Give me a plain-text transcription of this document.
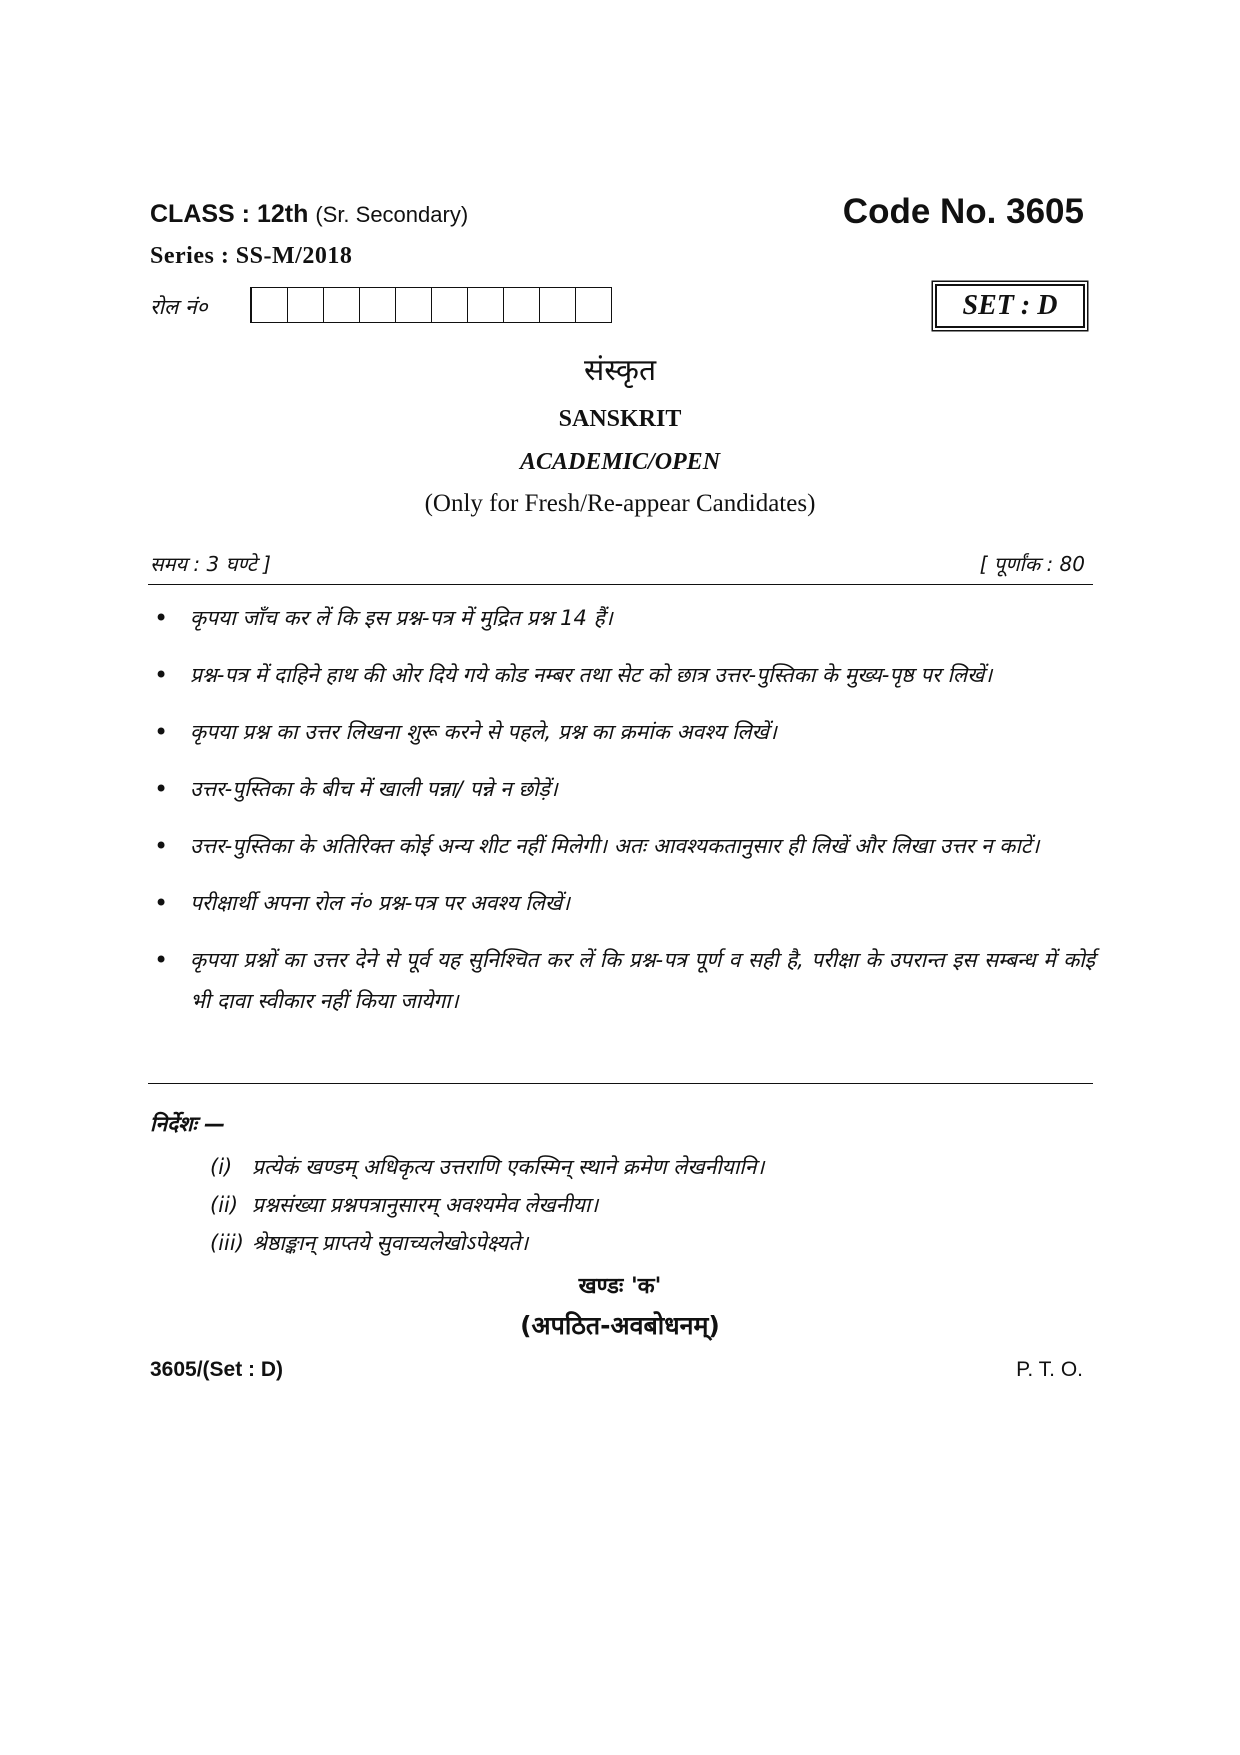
CLASS : 12th (Sr. Secondary)	Code No. 3605
Series : SS-M/2018
रोल नं०	SET : D
संस्कृत
SANSKRIT
ACADEMIC/OPEN
(Only for Fresh/Re-appear Candidates)
समय : 3 घण्टे ]	[ पूर्णांक : 80
• कृपया जाँच कर लें कि इस प्रश्न-पत्र में मुद्रित प्रश्न 14 हैं।
• प्रश्न-पत्र में दाहिने हाथ की ओर दिये गये कोड नम्बर तथा सेट को छात्र उत्तर-पुस्तिका के मुख्य-पृष्ठ पर लिखें।
• कृपया प्रश्न का उत्तर लिखना शुरू करने से पहले, प्रश्न का क्रमांक अवश्य लिखें।
• उत्तर-पुस्तिका के बीच में खाली पन्ना/ पन्ने न छोड़ें।
• उत्तर-पुस्तिका के अतिरिक्त कोई अन्य शीट नहीं मिलेगी। अतः आवश्यकतानुसार ही लिखें और लिखा उत्तर न काटें।
• परीक्षार्थी अपना रोल नं० प्रश्न-पत्र पर अवश्य लिखें।
• कृपया प्रश्नों का उत्तर देने से पूर्व यह सुनिश्चित कर लें कि प्रश्न-पत्र पूर्ण व सही है, परीक्षा के उपरान्त इस सम्बन्ध में कोई भी दावा स्वीकार नहीं किया जायेगा।
निर्देशः —
(i) प्रत्येकं खण्डम् अधिकृत्य उत्तराणि एकस्मिन् स्थाने क्रमेण लेखनीयानि।
(ii) प्रश्नसंख्या प्रश्नपत्रानुसारम् अवश्यमेव लेखनीया।
(iii) श्रेष्ठाङ्कान् प्राप्तये सुवाच्यलेखोऽपेक्ष्यते।
खण्डः 'क'
(अपठित-अवबोधनम्)
3605/(Set : D)	P. T. O.
